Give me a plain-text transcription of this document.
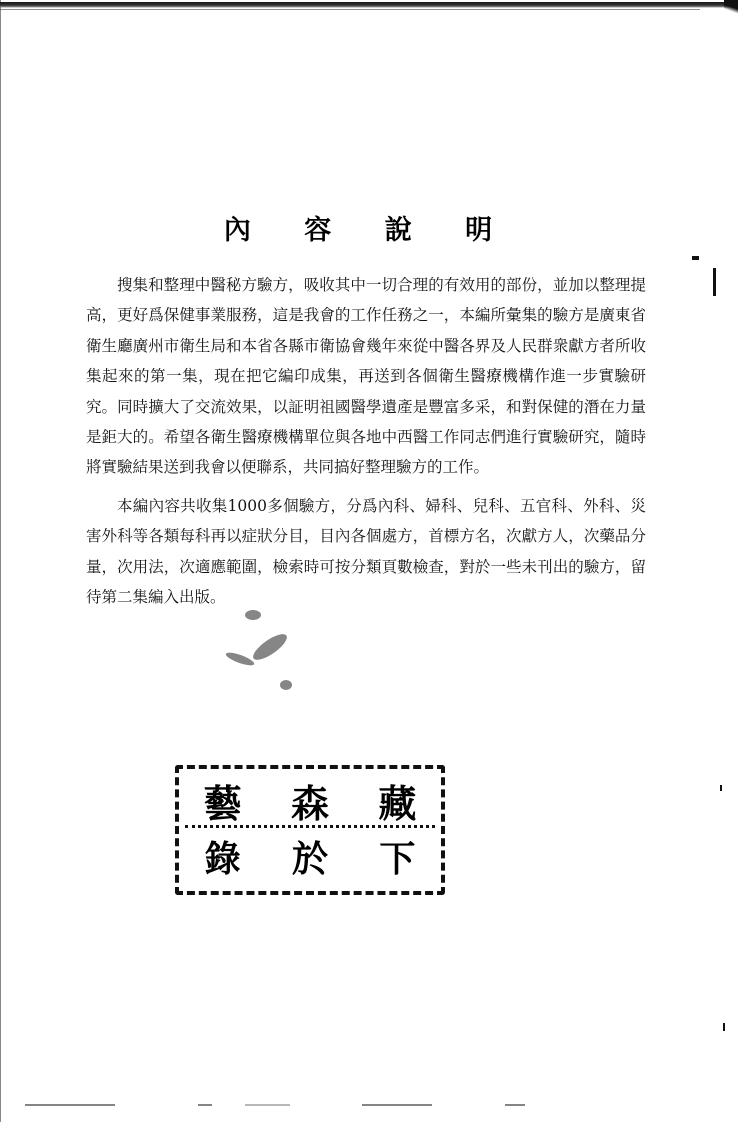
內 容 說 明

搜集和整理中醫秘方驗方，吸收其中一切合理的有效用的部份，並加以整理提高，更好爲保健事業服務，這是我會的工作任務之一，本編所彙集的驗方是廣東省衛生廳廣州市衛生局和本省各縣市衛協會幾年來從中醫各界及人民群衆獻方者所收集起來的第一集，現在把它編印成集，再送到各個衛生醫療機構作進一步實驗研究。同時擴大了交流效果，以証明祖國醫學遺產是豐富多采，和對保健的潛在力量是鉅大的。希望各衛生醫療機構單位與各地中西醫工作同志們進行實驗研究，隨時將實驗結果送到我會以便聯系，共同搞好整理驗方的工作。

本編內容共收集1000多個驗方，分爲內科、婦科、兒科、五官科、外科、災害外科等各類每科再以症狀分目，目內各個處方，首標方名，次獻方人，次藥品分量，次用法，次適應範圍，檢索時可按分類頁數檢查，對於一些未刊出的驗方，留待第二集編入出版。

藝 森 藏
錄 於 下
